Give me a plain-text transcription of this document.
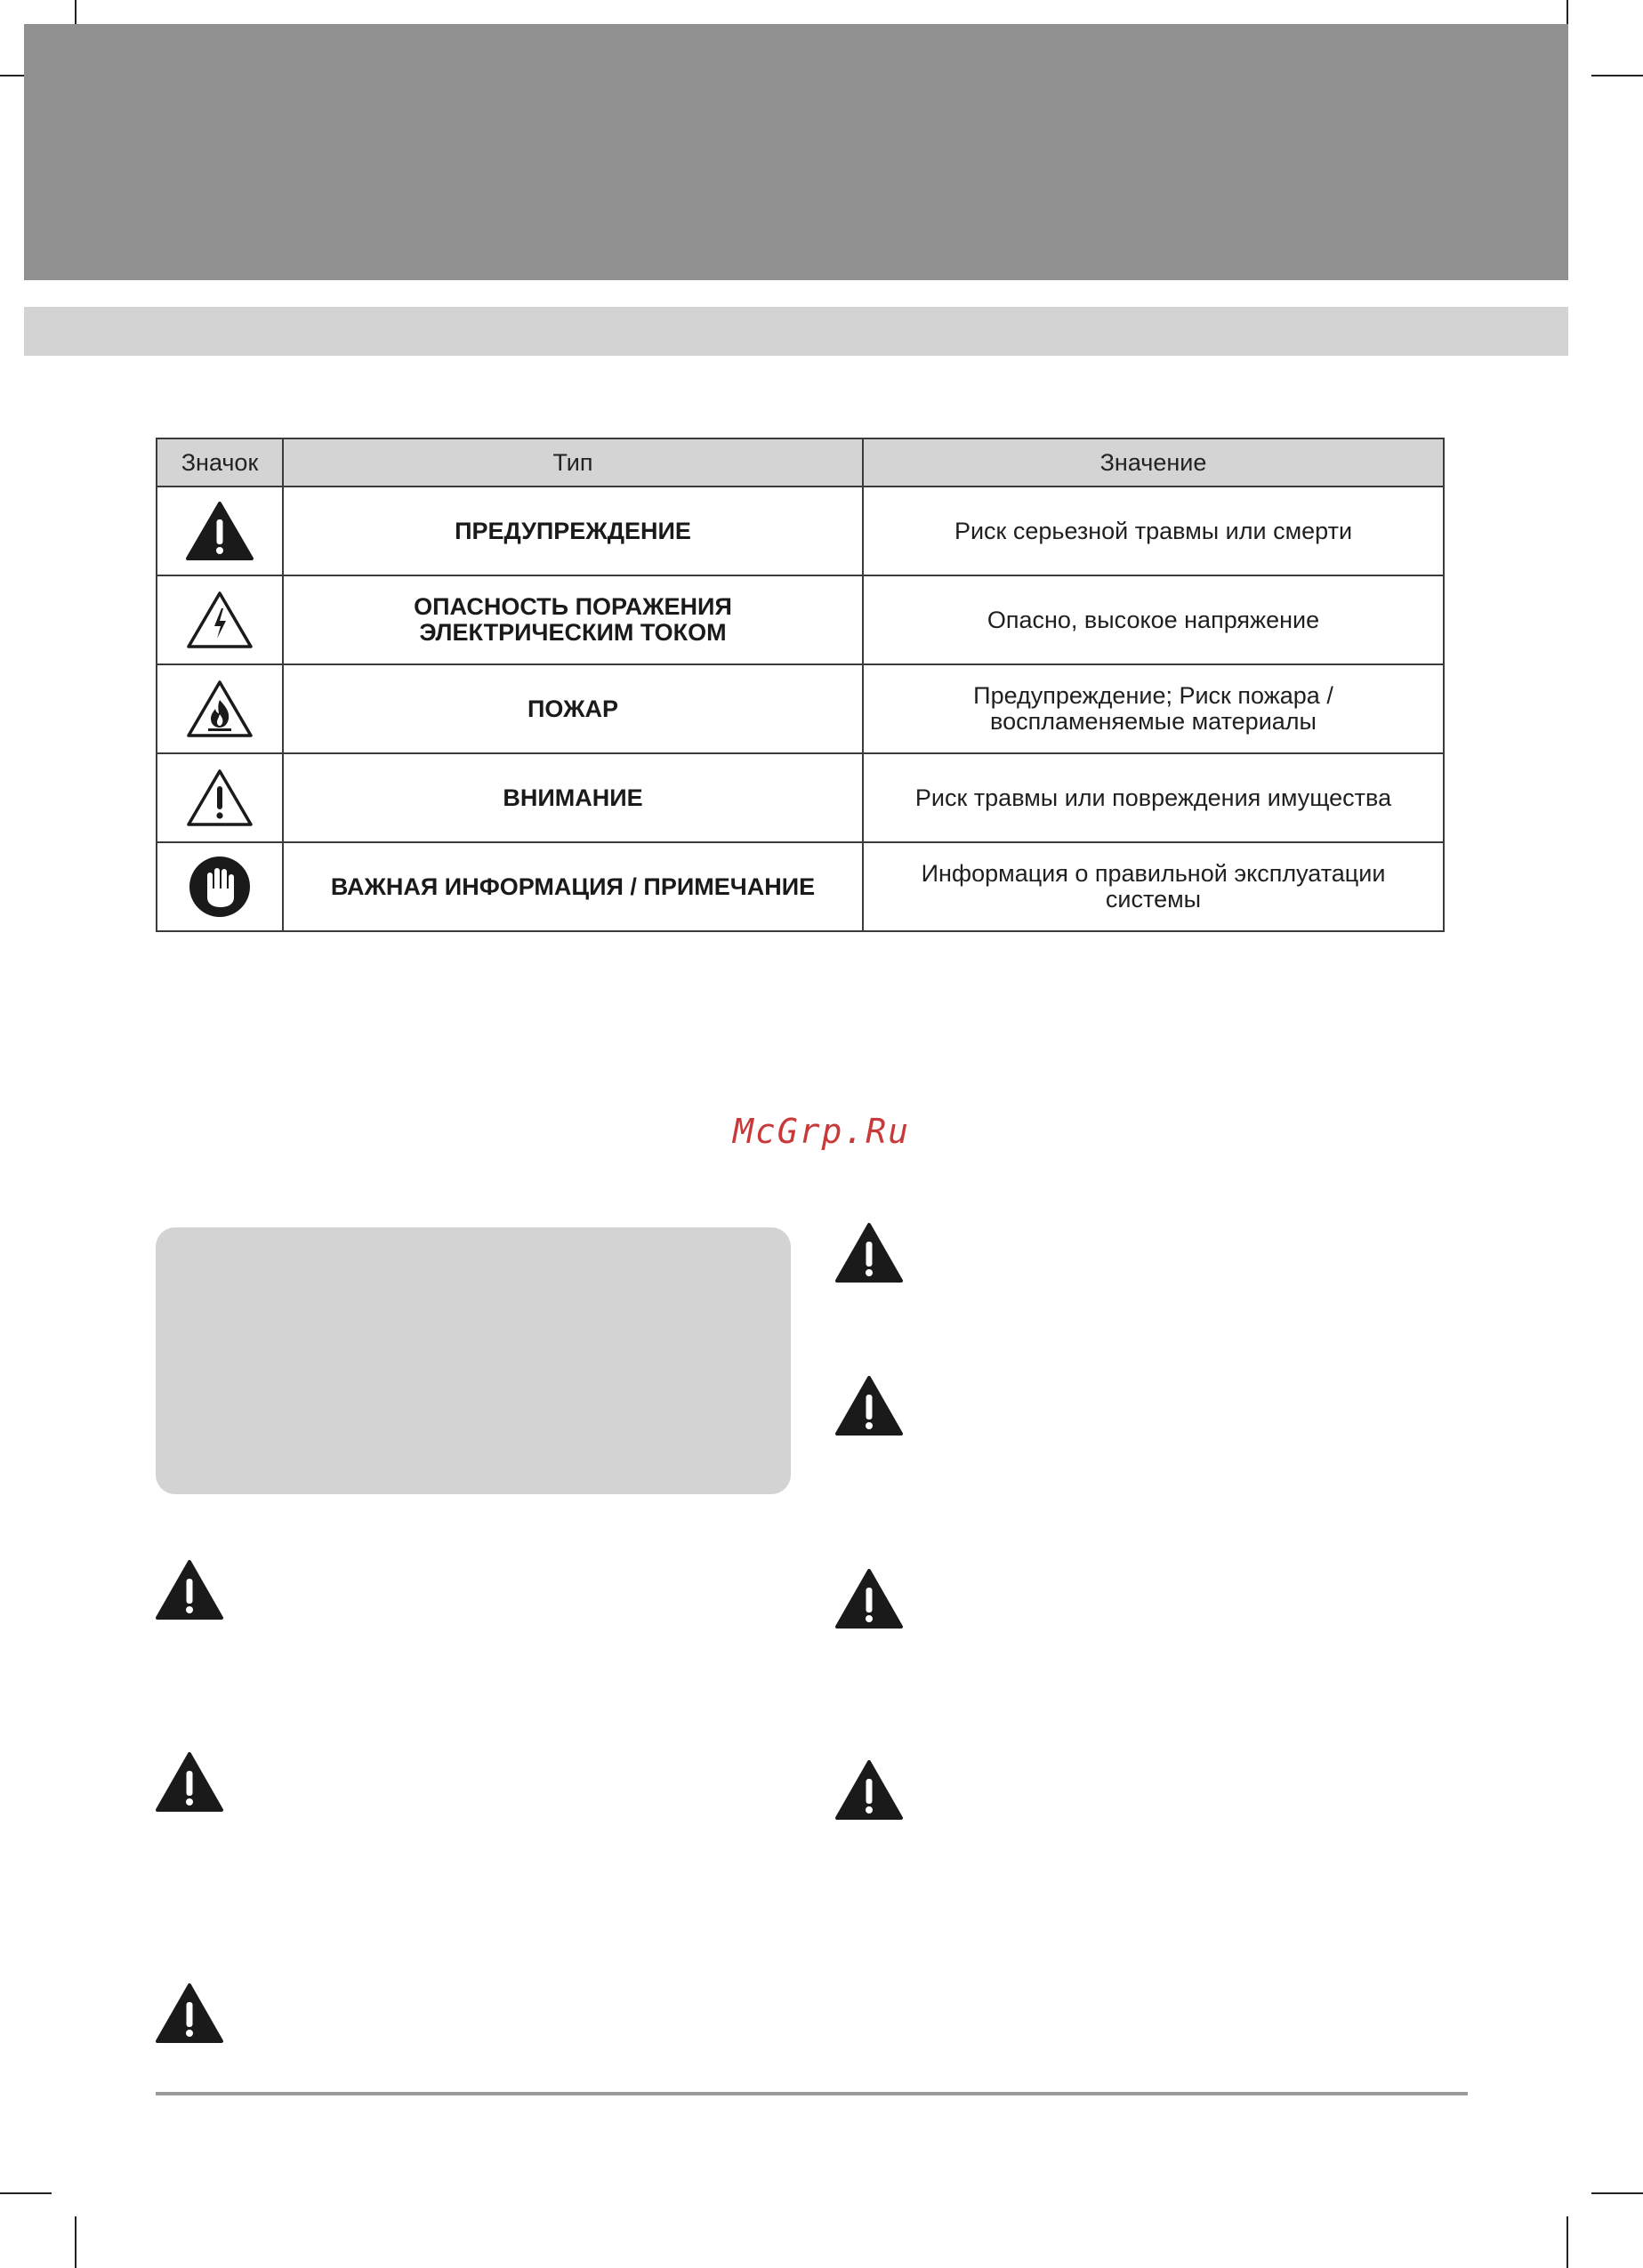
Значок	Тип	Значение

ПРЕДУПРЕЖДЕНИЕ	Риск серьезной травмы или смерти

ОПАСНОСТЬ ПОРАЖЕНИЯ
ЭЛЕКТРИЧЕСКИМ ТОКОМ	Опасно, высокое напряжение

ПОЖАР	Предупреждение; Риск пожара /
воспламеняемые материалы

ВНИМАНИЕ	Риск травмы или повреждения имущества

ВАЖНАЯ ИНФОРМАЦИЯ / ПРИМЕЧАНИЕ	Информация о правильной эксплуатации
системы
McGrp.Ru
